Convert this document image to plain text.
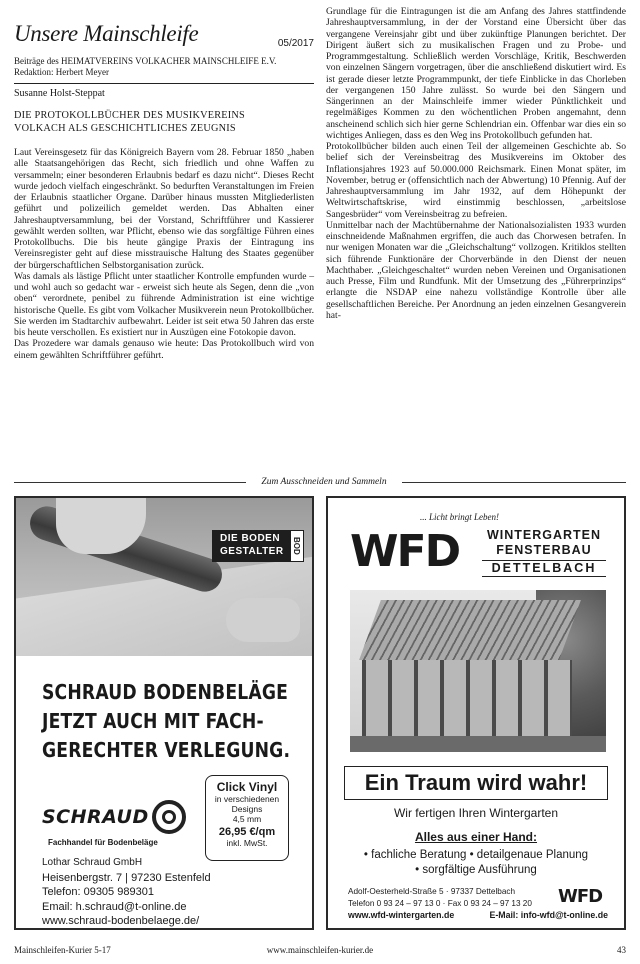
Unsere Mainschleife	05/2017
Beiträge des HEIMATVEREINS VOLKACHER MAINSCHLEIFE E.V.
Redaktion: Herbert Meyer
Susanne Holst-Steppat
DIE PROTOKOLLBÜCHER DES MUSIKVEREINS
VOLKACH ALS GESCHICHTLICHES ZEUGNIS

Laut Vereinsgesetz für das Königreich Bayern vom 28. Februar 1850 „haben alle Staatsangehörigen das Recht, sich friedlich und ohne Waffen zu versammeln; einer besonderen Erlaubnis bedarf es dazu nicht“. Dieses Recht wurde jedoch vielfach eingeschränkt. So bedurften Veranstaltungen im Freien der Erlaubnis staatlicher Organe. Darüber hinaus mussten Mitgliederlisten geführt und polizeilich gemeldet werden. Das Abhalten einer Jahreshauptversammlung, bei der Vorstand, Schriftführer und Kassierer gewählt werden sollten, war Pflicht, ebenso wie das sorgfältige Führen eines Protokollbuchs. Die bis heute gängige Praxis der Eintragung ins Vereinsregister geht auf diese misstrauische Haltung des Staates gegenüber der bürgerschaftlichen Selbstorganisation zurück.

Was damals als lästige Pflicht unter staatlicher Kontrolle empfunden wurde – und wohl auch so gedacht war - erweist sich heute als Segen, denn die „von oben“ verordnete, penibel zu führende Administration ist eine wichtige historische Quelle. Es gibt vom Volkacher Musikverein neun Protokollbücher. Sie werden im Stadtarchiv aufbewahrt. Leider ist seit etwa 50 Jahren das erste bis heute verschollen. Es existiert nur in Auszügen eine Fotokopie davon.

Das Prozedere war damals genauso wie heute: Das Protokollbuch wird von einem gewählten Schriftführer geführt.

Grundlage für die Eintragungen ist die am Anfang des Jahres stattfindende Jahreshauptversammlung, in der der Vorstand eine Übersicht über das vergangene Vereinsjahr gibt und über zukünftige Planungen berichtet. Der Dirigent äußert sich zu musikalischen Fragen und zu Probe- und Programmgestaltung. Schließlich werden Vorschläge, Kritik, Beschwerden von einzelnen Sängern vorgetragen, über die anschließend diskutiert wird. Es ist gerade dieser letzte Programmpunkt, der tiefe Einblicke in das Chorleben der vergangenen 150 Jahre zulässt. So wurde bei den Sängern und Sängerinnen an der Mainschleife immer wieder Pünktlichkeit und regelmäßiges Kommen zu den wöchentlichen Proben angemahnt, denn anscheinend schlich sich hier gerne Schlendrian ein. Offenbar war dies ein so wichtiges Anliegen, dass es den Weg ins Protokollbuch gefunden hat.

Protokollbücher bilden auch einen Teil der allgemeinen Geschichte ab. So belief sich der Vereinsbeitrag des Musikvereins im Oktober des Inflationsjahres 1923 auf 50.000.000 Reichsmark. Einen Monat später, im November, betrug er (offensichtlich nach der Abwertung) 10 Pfennig. Auf der Jahreshauptversammlung im Jahr 1932, auf dem Höhepunkt der Weltwirtschaftskrise, wird einstimmig beschlossen, „arbeitslose Sangesbrüder“ vom Vereinsbeitrag zu befreien.

Unmittelbar nach der Machtübernahme der Nationalsozialisten 1933 wurden einschneidende Maßnahmen ergriffen, die auch das Chorwesen betrafen. In nur wenigen Monaten war die „Gleichschaltung“ vollzogen. Kritiklos stellten sich führende Funktionäre der Chorverbände in den Dienst der neuen Machthaber. „Gleichgeschaltet“ wurden neben Vereinen und Organisationen auch Presse, Film und Rundfunk. Mit der Umsetzung des „Führerprinzips“ erlangte die NSDAP eine nahezu vollständige Kontrolle über alle gesellschaftlichen Bereiche. Per Anordnung an jeden einzelnen Gesangverein hat-

Zum Ausschneiden und Sammeln
DIE BODEN
GESTALTER BOD
SCHRAUD BODENBELÄGE
JETZT AUCH MIT FACH-
GERECHTER VERLEGUNG.
Click Vinyl
in verschiedenen
Designs
4,5 mm
26,95 €/qm
inkl. MwSt.
SCHRAUD
Fachhandel für Bodenbeläge
Lothar Schraud GmbH
Heisenbergstr. 7 | 97230 Estenfeld
Telefon: 09305 989301
Email: h.schraud@t-online.de
www.schraud-bodenbelaege.de/
... Licht bringt Leben!
WFD	WINTERGARTEN
FENSTERBAU
DETTELBACH
Ein Traum wird wahr!
Wir fertigen Ihren Wintergarten
Alles aus einer Hand:
• fachliche Beratung • detailgenaue Planung
• sorgfältige Ausführung
Adolf-Oesterheld-Straße 5 · 97337 Dettelbach
Telefon 0 93 24 – 97 13 0 · Fax 0 93 24 – 97 13 20 WFD
www.wfd-wintergarten.de	E-Mail: info-wfd@t-online.de
www.mainschleifen-kurier.de
Mainschleifen-Kurier 5-17	43
